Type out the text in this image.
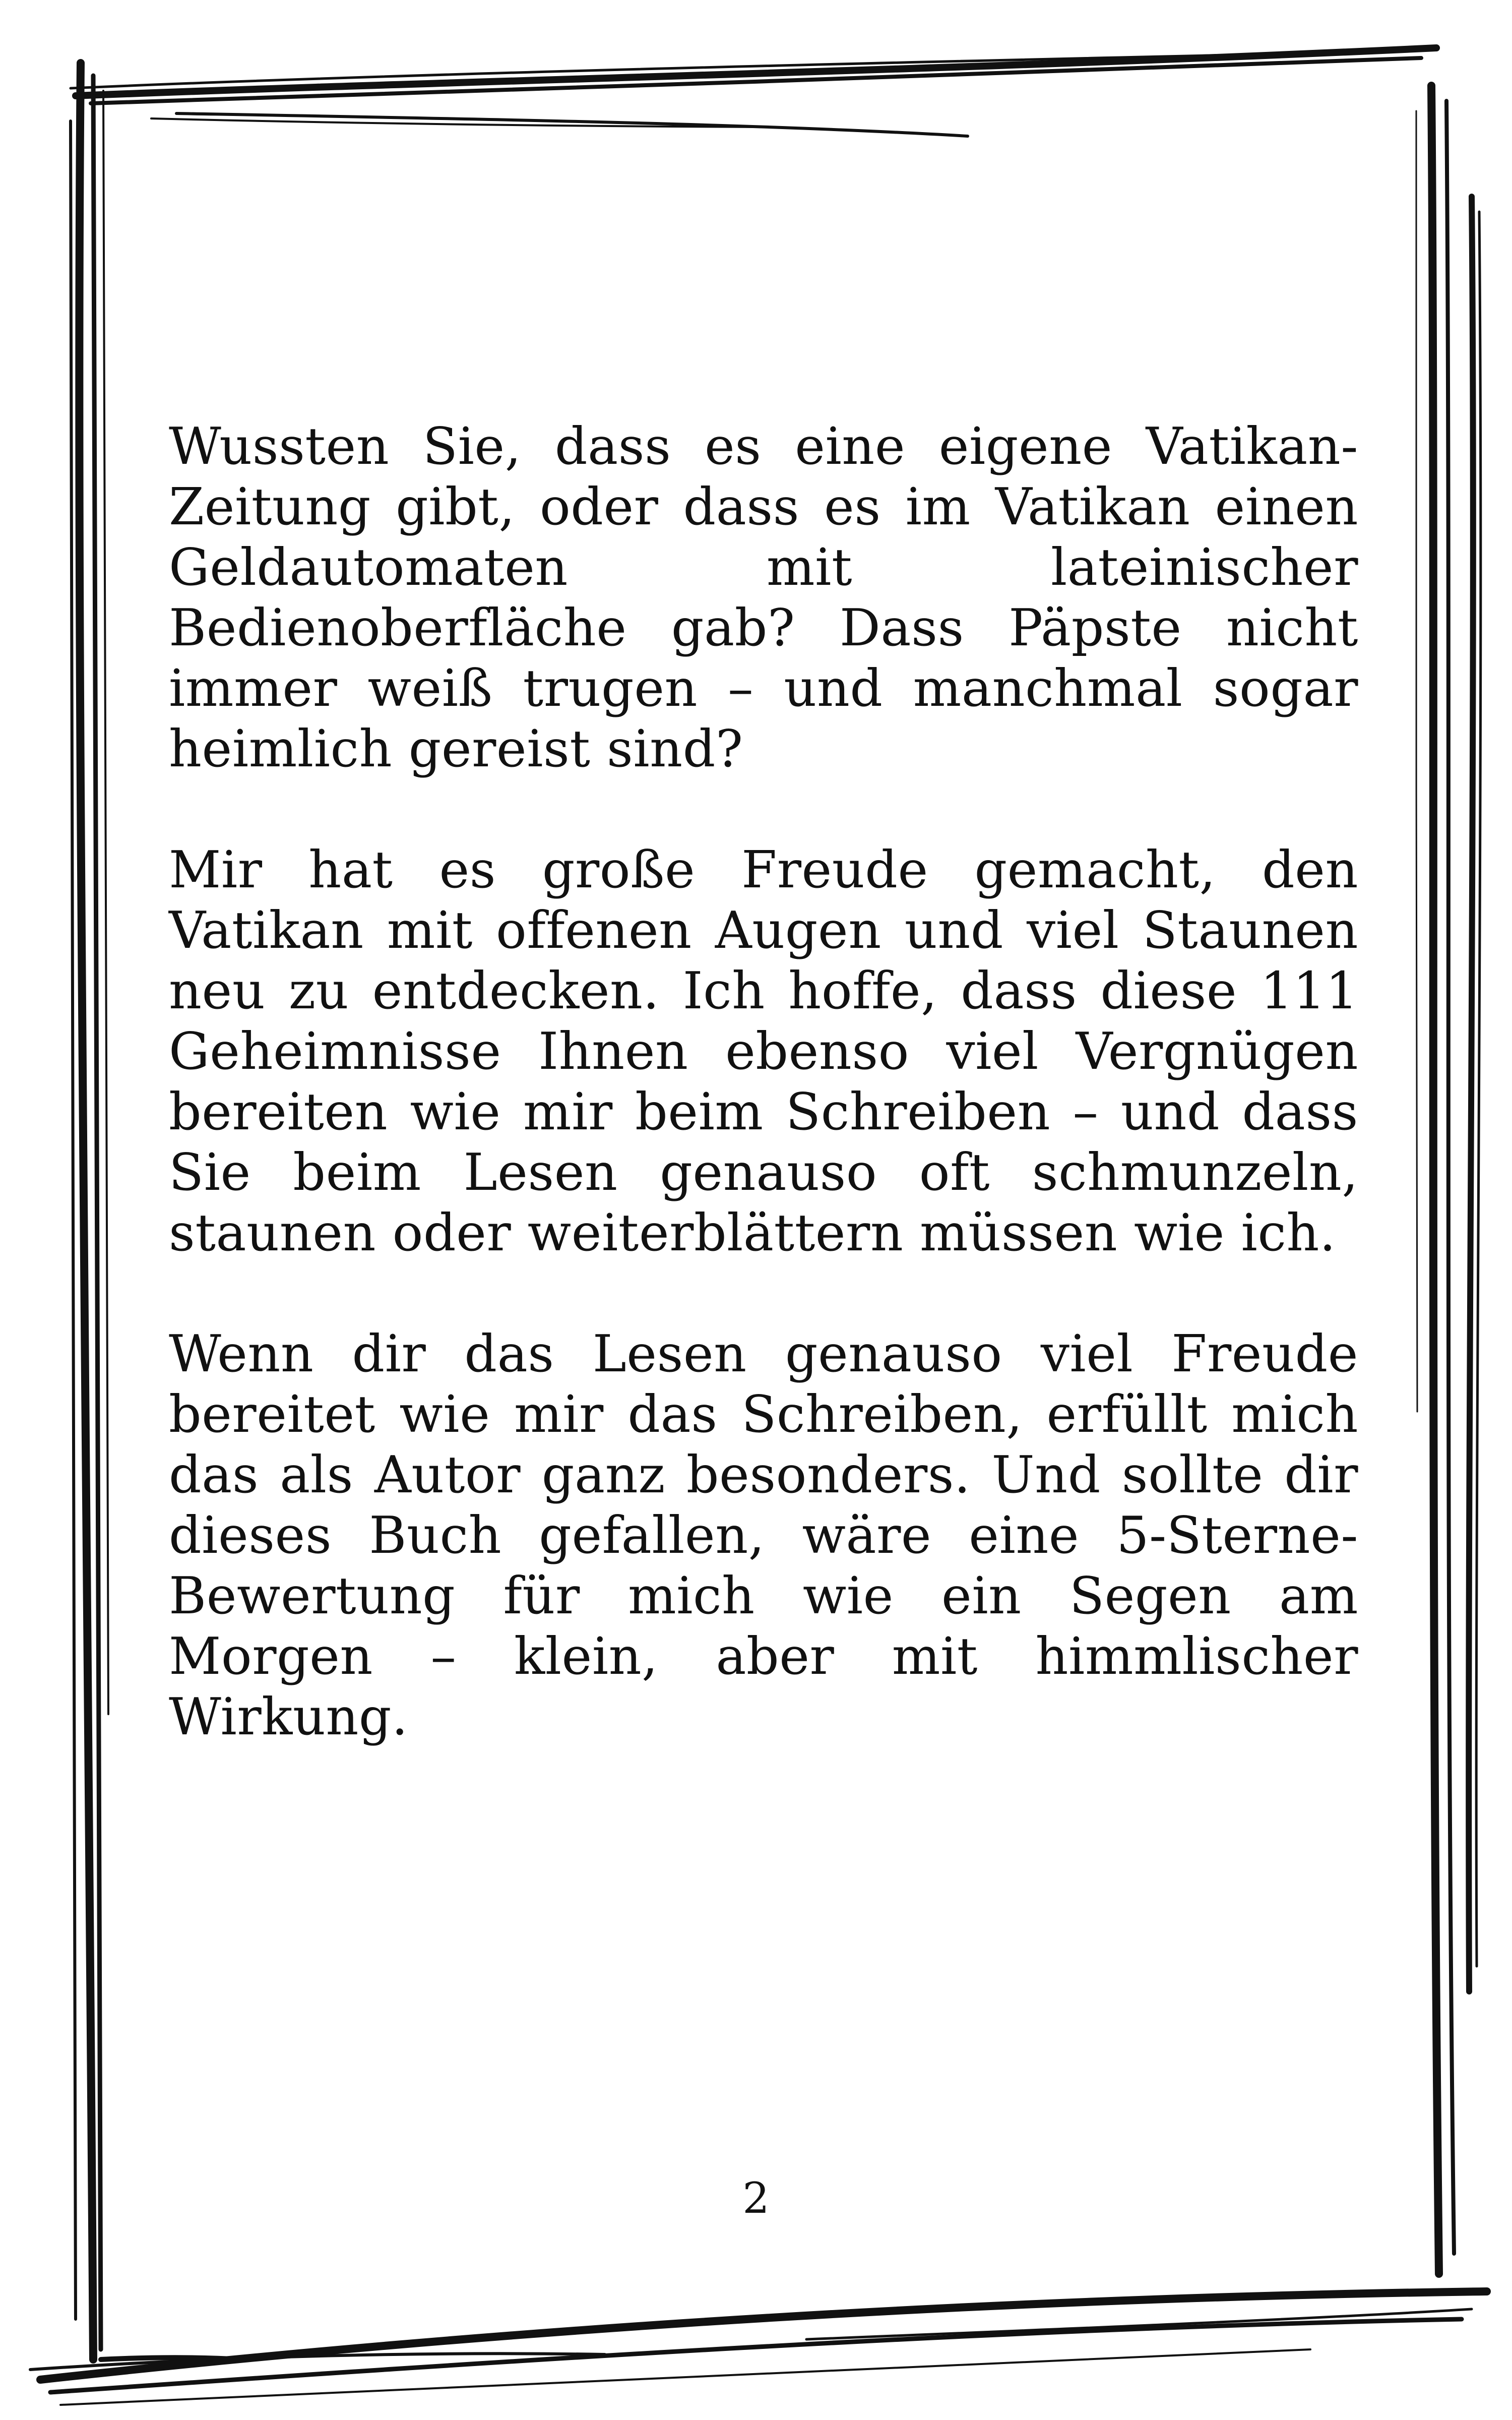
Wussten Sie, dass es eine eigene Vatikan-Zeitung gibt, oder dass es im Vatikan einen Geldautomaten mit lateinischer Bedienoberfläche gab? Dass Päpste nicht immer weiß trugen – und manchmal sogar heimlich gereist sind?

Mir hat es große Freude gemacht, den Vatikan mit offenen Augen und viel Staunen neu zu entdecken. Ich hoffe, dass diese 111 Geheimnisse Ihnen ebenso viel Vergnügen bereiten wie mir beim Schreiben – und dass Sie beim Lesen genauso oft schmunzeln, staunen oder weiterblättern müssen wie ich.

Wenn dir das Lesen genauso viel Freude bereitet wie mir das Schreiben, erfüllt mich das als Autor ganz besonders. Und sollte dir dieses Buch gefallen, wäre eine 5-Sterne-Bewertung für mich wie ein Segen am Morgen – klein, aber mit himmlischer Wirkung.

2
